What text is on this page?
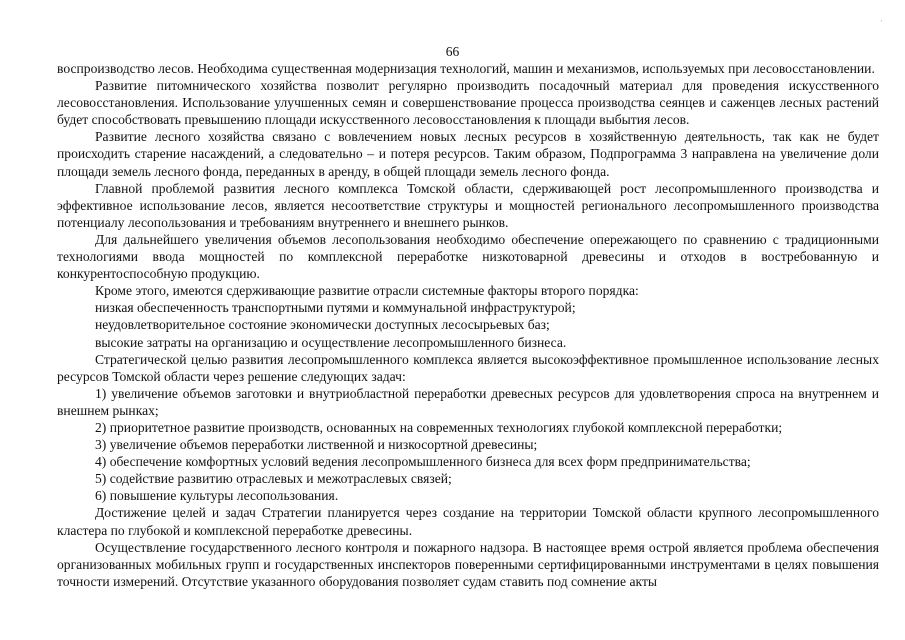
·
66

воспроизводство лесов. Необходима существенная модернизация технологий, машин и механизмов, используемых при лесовосстановлении.

Развитие питомнического хозяйства позволит регулярно производить посадочный материал для проведения искусственного лесовосстановления. Использование улучшенных семян и совершенствование процесса производства сеянцев и саженцев лесных растений будет способствовать превышению площади искусственного лесовосстановления к площади выбытия лесов.

Развитие лесного хозяйства связано с вовлечением новых лесных ресурсов в хозяйственную деятельность, так как не будет происходить старение насаждений, а следовательно – и потеря ресурсов. Таким образом, Подпрограмма 3 направлена на увеличение доли площади земель лесного фонда, переданных в аренду, в общей площади земель лесного фонда.

Главной проблемой развития лесного комплекса Томской области, сдерживающей рост лесопромышленного производства и эффективное использование лесов, является несоответствие структуры и мощностей регионального лесопромышленного производства потенциалу лесопользования и требованиям внутреннего и внешнего рынков.

Для дальнейшего увеличения объемов лесопользования необходимо обеспечение опережающего по сравнению с традиционными технологиями ввода мощностей по комплексной переработке низкотоварной древесины и отходов в востребованную и конкурентоспособную продукцию.

Кроме этого, имеются сдерживающие развитие отрасли системные факторы второго порядка:

низкая обеспеченность транспортными путями и коммунальной инфраструктурой;

неудовлетворительное состояние экономически доступных лесосырьевых баз;

высокие затраты на организацию и осуществление лесопромышленного бизнеса.

Стратегической целью развития лесопромышленного комплекса является высокоэффективное промышленное использование лесных ресурсов Томской области через решение следующих задач:

1) увеличение объемов заготовки и внутриобластной переработки древесных ресурсов для удовлетворения спроса на внутреннем и внешнем рынках;

2) приоритетное развитие производств, основанных на современных технологиях глубокой комплексной переработки;

3) увеличение объемов переработки лиственной и низкосортной древесины;

4) обеспечение комфортных условий ведения лесопромышленного бизнеса для всех форм предпринимательства;

5) содействие развитию отраслевых и межотраслевых связей;

6) повышение культуры лесопользования.

Достижение целей и задач Стратегии планируется через создание на территории Томской области крупного лесопромышленного кластера по глубокой и комплексной переработке древесины.

Осуществление государственного лесного контроля и пожарного надзора. В настоящее время острой является проблема обеспечения организованных мобильных групп и государственных инспекторов поверенными сертифицированными инструментами в целях повышения точности измерений. Отсутствие указанного оборудования позволяет судам ставить под сомнение акты
